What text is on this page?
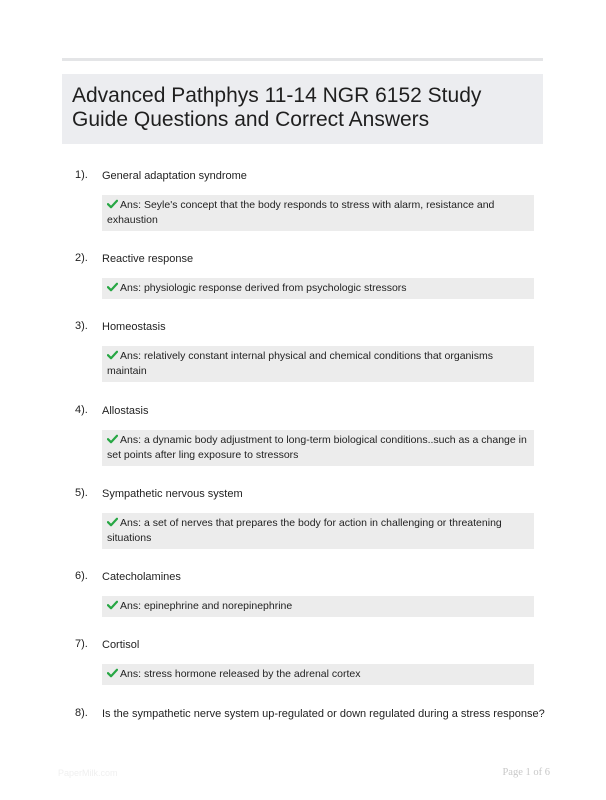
Advanced Pathphys 11-14 NGR 6152 Study Guide Questions and Correct Answers
1). General adaptation syndrome
Ans: Seyle's concept that the body responds to stress with alarm, resistance and exhaustion
2). Reactive response
Ans: physiologic response derived from psychologic stressors
3). Homeostasis
Ans: relatively constant internal physical and chemical conditions that organisms maintain
4). Allostasis
Ans: a dynamic body adjustment to long-term biological conditions..such as a change in set points after ling exposure to stressors
5). Sympathetic nervous system
Ans: a set of nerves that prepares the body for action in challenging or threatening situations
6). Catecholamines
Ans: epinephrine and norepinephrine
7). Cortisol
Ans: stress hormone released by the adrenal cortex
8). Is the sympathetic nerve system up-regulated or down regulated during a stress response?
PaperMilk.com	Page 1 of 6
